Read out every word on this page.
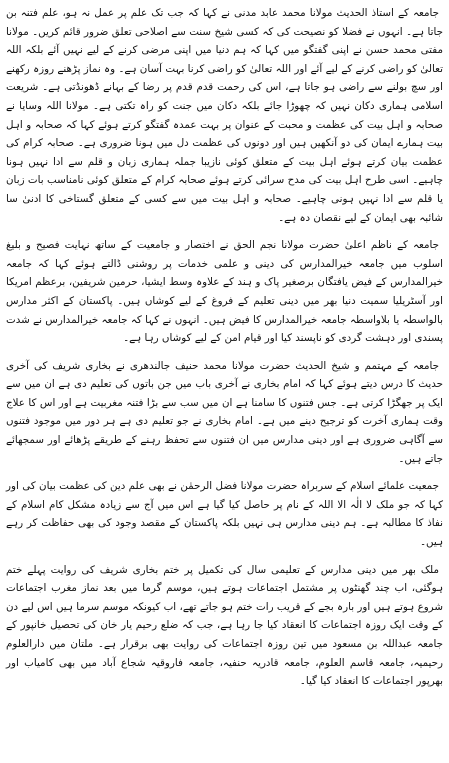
جامعہ کے استاذ الحدیث مولانا محمد عابد مدنی نے کہا کہ جب تک علم پر عمل نہ ہو، علم فتنہ بن جاتا ہے۔ انہوں نے فضلا کو نصیحت کی کہ کسی شیخ سنت سے اصلاحی تعلق ضرور قائم کریں۔ مولانا مفتی محمد حسن نے اپنی گفتگو میں کہا کہ ہم دنیا میں اپنی مرضی کرنے کے لیے نہیں آئے بلکہ اللہ تعالیٰ کو راضی کرنے کے لیے آئے اور اللہ تعالیٰ کو راضی کرنا بہت آسان ہے۔ وہ نماز پڑھنے روزہ رکھنے اور سچ بولنے سے راضی ہو جاتا ہے، اس کی رحمت قدم قدم پر رضا کے بہانے ڈھونڈتی ہے۔ شریعت اسلامی ہماری دکان نہیں کہ چھوڑا جائے بلکہ دکان میں جنت کو راہ تکتی ہے۔ مولانا اللہ وسایا نے صحابہ و اہل بیت کی عظمت و محبت کے عنوان پر بہت عمدہ گفتگو کرتے ہوئے کہا کہ صحابہ و اہل بیت ہمارے ایمان کی دو آنکھیں ہیں اور دونوں کی عظمت دل میں ہونا ضروری ہے۔ صحابہ کرام کی عظمت بیان کرتے ہوئے اہل بیت کے متعلق کوئی نازیبا جملہ ہماری زبان و قلم سے ادا نہیں ہونا چاہیے۔ اسی طرح اہل بیت کی مدح سرائی کرتے ہوئے صحابہ کرام کے متعلق کوئی نامناسب بات زبان یا قلم سے ادا نہیں ہونی چاہیے۔ صحابہ و اہل بیت میں سے کسی کے متعلق گستاخی کا ادنیٰ سا شائبہ بھی ایمان کے لیے نقصان دہ ہے۔

جامعہ کے ناظم اعلیٰ حضرت مولانا نجم الحق نے اختصار و جامعیت کے ساتھ نہایت فصیح و بلیغ اسلوب میں جامعہ خیرالمدارس کی دینی و علمی خدمات پر روشنی ڈالتے ہوئے کہا کہ جامعہ خیرالمدارس کے فیض یافتگان برصغیر پاک و ہند کے علاوہ وسط ایشیا، حرمین شریفین، برعظم امریکا اور آسٹریلیا سمیت دنیا بھر میں دینی تعلیم کے فروغ کے لیے کوشاں ہیں۔ پاکستان کے اکثر مدارس بالواسطہ یا بلاواسطہ جامعہ خیرالمدارس کا فیض ہیں۔ انہوں نے کہا کہ جامعہ خیرالمدارس نے شدت پسندی اور دہشت گردی کو ناپسند کیا اور قیام امن کے لیے کوشاں رہا ہے۔

جامعہ کے مہتمم و شیخ الحدیث حضرت مولانا محمد حنیف جالندھری نے بخاری شریف کی آخری حدیث کا درس دیتے ہوئے کہا کہ امام بخاری نے آخری باب میں جن باتوں کی تعلیم دی ہے ان میں سے ایک پر جھگڑا کرتی ہے۔ جس فتنوں کا سامنا ہے ان میں سب سے بڑا فتنہ مغربیت ہے اور اس کا علاج وقت ہماری آخرت کو ترجیح دینے میں ہے۔ امام بخاری نے جو تعلیم دی ہے ہر دور میں موجود فتنوں سے آگاہی ضروری ہے اور دینی مدارس میں ان فتنوں سے تحفظ رہنے کے طریقے پڑھائے اور سمجھائے جاتے ہیں۔

جمعیت علمائے اسلام کے سربراہ حضرت مولانا فضل الرحمٰن نے بھی علم دین کی عظمت بیان کی اور کہا کہ جو ملک لا الٰہ الا اللہ کے نام پر حاصل کیا گیا ہے اس میں آج سے زیادہ مشکل کام اسلام کے نفاذ کا مطالبہ ہے۔ ہم دینی مدارس ہی نہیں بلکہ پاکستان کے مقصد وجود کی بھی حفاظت کر رہے ہیں۔

ملک بھر میں دینی مدارس کے تعلیمی سال کی تکمیل پر ختم بخاری شریف کی روایت پہلے ختم ہوگئی، اب چند گھنٹوں پر مشتمل اجتماعات ہوتے ہیں، موسم گرما میں بعد نماز مغرب اجتماعات شروع ہوتے ہیں اور بارہ بجے کے قریب رات ختم ہو جاتے تھے، اب کیونکہ موسم سرما ہیں اس لیے دن کے وقت ایک روزہ اجتماعات کا انعقاد کیا جا رہا ہے، جب کہ ضلع رحیم یار خان کی تحصیل خانپور کے جامعہ عبداللہ بن مسعود میں تین روزہ اجتماعات کی روایت بھی برقرار ہے۔ ملتان میں دارالعلوم رحیمیہ، جامعہ قاسم العلوم، جامعہ قادریہ حنفیہ، جامعہ فاروقیہ شجاع آباد میں بھی کامیاب اور بھرپور اجتماعات کا انعقاد کیا گیا۔
